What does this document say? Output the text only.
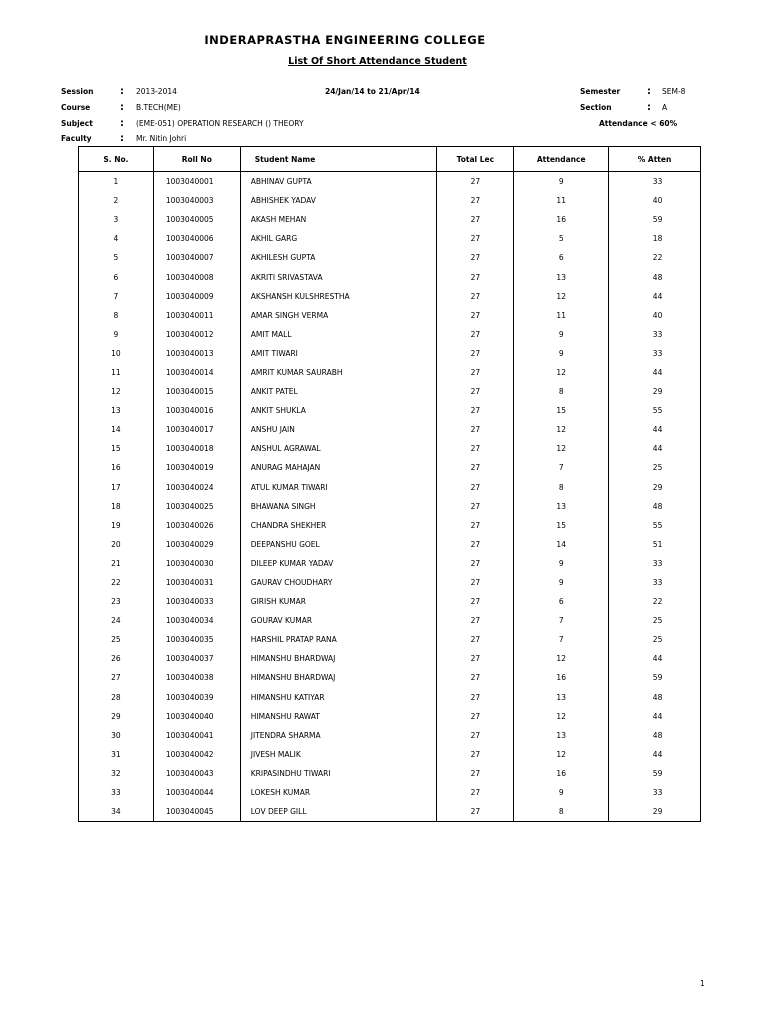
INDERAPRASTHA ENGINEERING COLLEGE
List Of Short Attendance Student
Session	: 2013-2014
Course	: B.TECH(ME)
Subject	: (EME-051) OPERATION RESEARCH () THEORY
Faculty	: Mr. Nitin Johri
24/Jan/14 to 21/Apr/14	Semester	: SEM-8
Section	: A
Attendance < 60%
S. No.	Roll No	Student Name	Total Lec	Attendance	% Atten
1	1003040001	ABHINAV GUPTA	27	9	33
2	1003040003	ABHISHEK YADAV	27	11	40
3	1003040005	AKASH MEHAN	27	16	59
4	1003040006	AKHIL GARG	27	5	18
5	1003040007	AKHILESH GUPTA	27	6	22
6	1003040008	AKRITI SRIVASTAVA	27	13	48
7	1003040009	AKSHANSH KULSHRESTHA	27	12	44
8	1003040011	AMAR SINGH VERMA	27	11	40
9	1003040012	AMIT MALL	27	9	33
10	1003040013	AMIT TIWARI	27	9	33
11	1003040014	AMRIT KUMAR SAURABH	27	12	44
12	1003040015	ANKIT PATEL	27	8	29
13	1003040016	ANKIT SHUKLA	27	15	55
14	1003040017	ANSHU JAIN	27	12	44
15	1003040018	ANSHUL AGRAWAL	27	12	44
16	1003040019	ANURAG MAHAJAN	27	7	25
17	1003040024	ATUL KUMAR TIWARI	27	8	29
18	1003040025	BHAWANA SINGH	27	13	48
19	1003040026	CHANDRA SHEKHER	27	15	55
20	1003040029	DEEPANSHU GOEL	27	14	51
21	1003040030	DILEEP KUMAR YADAV	27	9	33
22	1003040031	GAURAV CHOUDHARY	27	9	33
23	1003040033	GIRISH KUMAR	27	6	22
24	1003040034	GOURAV KUMAR	27	7	25
25	1003040035	HARSHIL PRATAP RANA	27	7	25
26	1003040037	HIMANSHU BHARDWAJ	27	12	44
27	1003040038	HIMANSHU BHARDWAJ	27	16	59
28	1003040039	HIMANSHU KATIYAR	27	13	48
29	1003040040	HIMANSHU RAWAT	27	12	44
30	1003040041	JITENDRA SHARMA	27	13	48
31	1003040042	JIVESH MALIK	27	12	44
32	1003040043	KRIPASINDHU TIWARI	27	16	59
33	1003040044	LOKESH KUMAR	27	9	33
34	1003040045	LOV DEEP GILL	27	8	29
1
